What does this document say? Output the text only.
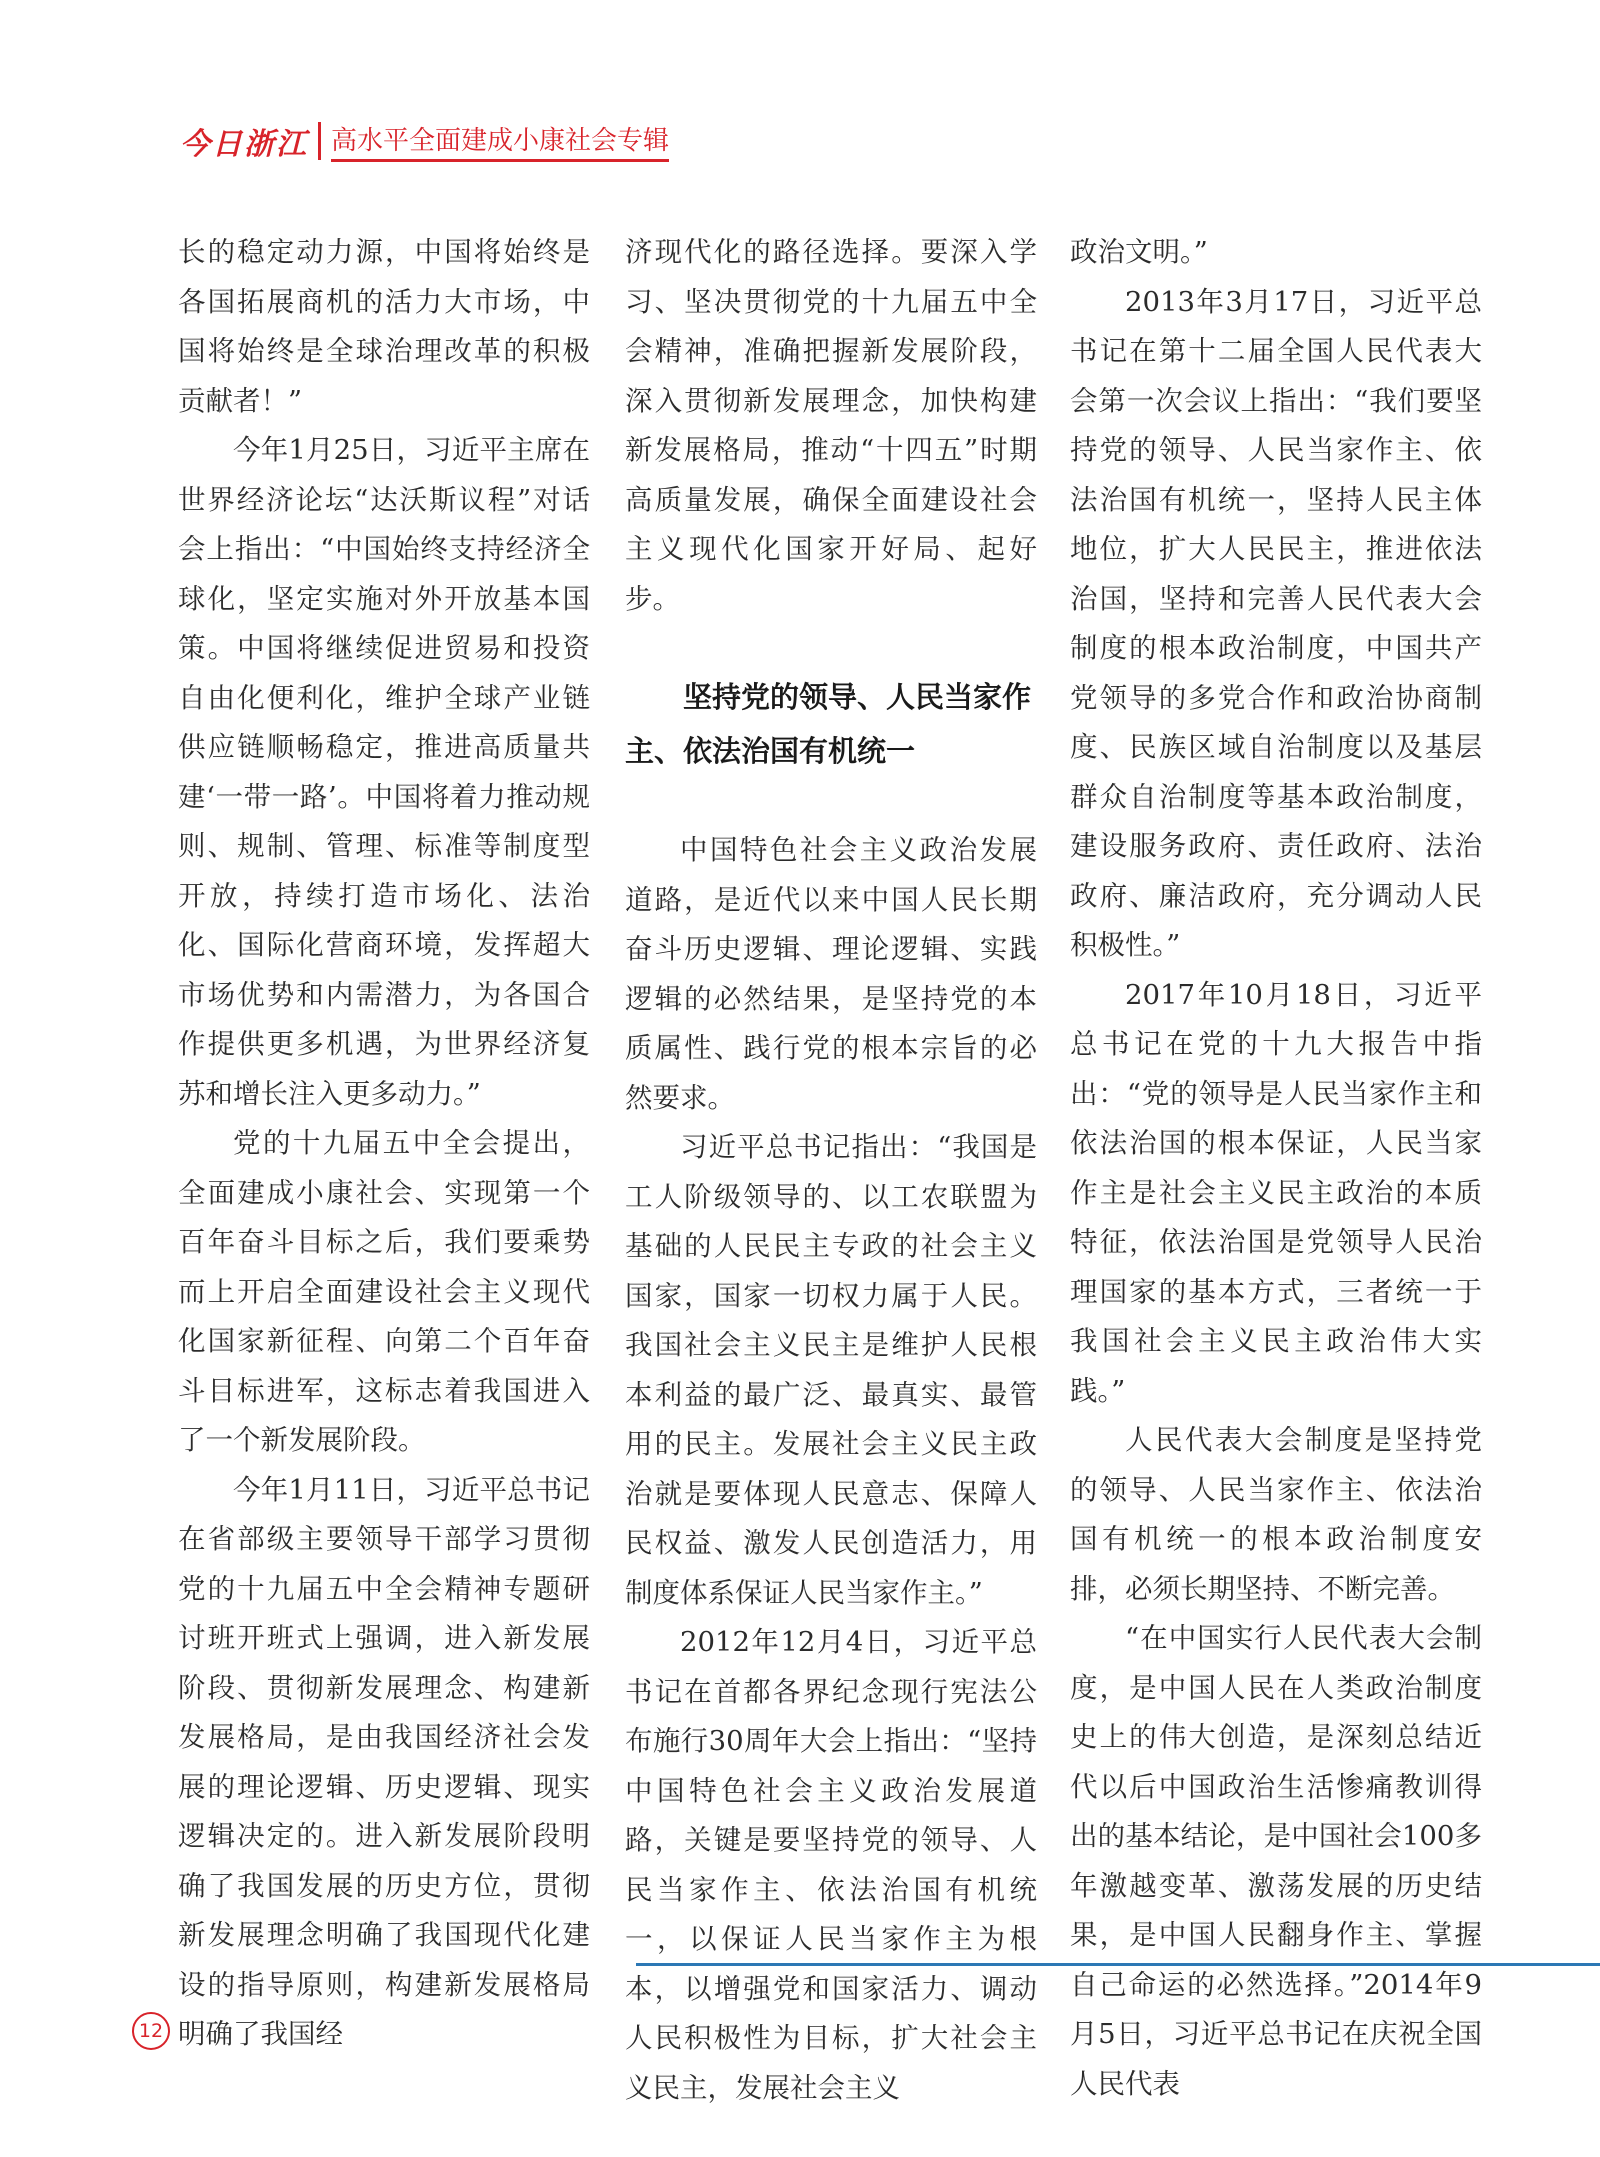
今日浙江 高水平全面建成小康社会专辑

长的稳定动力源，中国将始终是各国拓展商机的活力大市场，中国将始终是全球治理改革的积极贡献者！”

今年1月25日，习近平主席在世界经济论坛“达沃斯议程”对话会上指出：“中国始终支持经济全球化，坚定实施对外开放基本国策。中国将继续促进贸易和投资自由化便利化，维护全球产业链供应链顺畅稳定，推进高质量共建‘一带一路’。中国将着力推动规则、规制、管理、标准等制度型开放，持续打造市场化、法治化、国际化营商环境，发挥超大市场优势和内需潜力，为各国合作提供更多机遇，为世界经济复苏和增长注入更多动力。”

党的十九届五中全会提出，全面建成小康社会、实现第一个百年奋斗目标之后，我们要乘势而上开启全面建设社会主义现代化国家新征程、向第二个百年奋斗目标进军，这标志着我国进入了一个新发展阶段。

今年1月11日，习近平总书记在省部级主要领导干部学习贯彻党的十九届五中全会精神专题研讨班开班式上强调，进入新发展阶段、贯彻新发展理念、构建新发展格局，是由我国经济社会发展的理论逻辑、历史逻辑、现实逻辑决定的。进入新发展阶段明确了我国发展的历史方位，贯彻新发展理念明确了我国现代化建设的指导原则，构建新发展格局明确了我国经

济现代化的路径选择。要深入学习、坚决贯彻党的十九届五中全会精神，准确把握新发展阶段，深入贯彻新发展理念，加快构建新发展格局，推动“十四五”时期高质量发展，确保全面建设社会主义现代化国家开好局、起好步。

坚持党的领导、人民当家作主、依法治国有机统一

中国特色社会主义政治发展道路，是近代以来中国人民长期奋斗历史逻辑、理论逻辑、实践逻辑的必然结果，是坚持党的本质属性、践行党的根本宗旨的必然要求。

习近平总书记指出：“我国是工人阶级领导的、以工农联盟为基础的人民民主专政的社会主义国家，国家一切权力属于人民。我国社会主义民主是维护人民根本利益的最广泛、最真实、最管用的民主。发展社会主义民主政治就是要体现人民意志、保障人民权益、激发人民创造活力，用制度体系保证人民当家作主。”

2012年12月4日，习近平总书记在首都各界纪念现行宪法公布施行30周年大会上指出：“坚持中国特色社会主义政治发展道路，关键是要坚持党的领导、人民当家作主、依法治国有机统一，以保证人民当家作主为根本，以增强党和国家活力、调动人民积极性为目标，扩大社会主义民主，发展社会主义

政治文明。”

2013年3月17日，习近平总书记在第十二届全国人民代表大会第一次会议上指出：“我们要坚持党的领导、人民当家作主、依法治国有机统一，坚持人民主体地位，扩大人民民主，推进依法治国，坚持和完善人民代表大会制度的根本政治制度，中国共产党领导的多党合作和政治协商制度、民族区域自治制度以及基层群众自治制度等基本政治制度，建设服务政府、责任政府、法治政府、廉洁政府，充分调动人民积极性。”

2017年10月18日，习近平总书记在党的十九大报告中指出：“党的领导是人民当家作主和依法治国的根本保证，人民当家作主是社会主义民主政治的本质特征，依法治国是党领导人民治理国家的基本方式，三者统一于我国社会主义民主政治伟大实践。”

人民代表大会制度是坚持党的领导、人民当家作主、依法治国有机统一的根本政治制度安排，必须长期坚持、不断完善。

“在中国实行人民代表大会制度，是中国人民在人类政治制度史上的伟大创造，是深刻总结近代以后中国政治生活惨痛教训得出的基本结论，是中国社会100多年激越变革、激荡发展的历史结果，是中国人民翻身作主、掌握自己命运的必然选择。”2014年9月5日，习近平总书记在庆祝全国人民代表

12
